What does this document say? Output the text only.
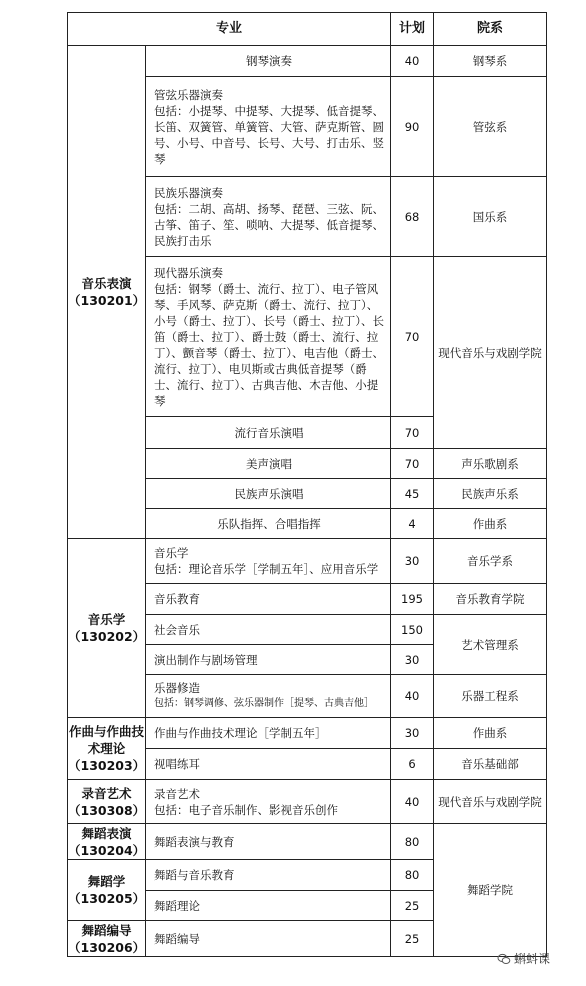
专业		计划	院系

音乐表演
（130201）	钢琴演奏	40	钢琴系

	管弦乐器演奏
包括：小提琴、中提琴、大提琴、低音提琴、长笛、双簧管、单簧管、大管、萨克斯管、圆号、小号、中音号、长号、大号、打击乐、竖琴	90	管弦系

	民族乐器演奏
包括：二胡、高胡、扬琴、琵琶、三弦、阮、古筝、笛子、笙、唢呐、大提琴、低音提琴、民族打击乐	68	国乐系

	现代器乐演奏
包括：钢琴（爵士、流行、拉丁）、电子管风琴、手风琴、萨克斯（爵士、流行、拉丁）、小号（爵士、拉丁）、长号（爵士、拉丁）、长笛（爵士、拉丁）、爵士鼓（爵士、流行、拉丁）、颤音琴（爵士、拉丁）、电吉他（爵士、流行、拉丁）、电贝斯或古典低音提琴（爵士、流行、拉丁）、古典吉他、木吉他、小提琴	70	现代音乐与戏剧学院
	流行音乐演唱	70	
	美声演唱	70	声乐歌剧系
	民族声乐演唱	45	民族声乐系
	乐队指挥、合唱指挥	4	作曲系

音乐学
（130202）	音乐学
包括：理论音乐学［学制五年］、应用音乐学	30	音乐学系
	音乐教育	195	音乐教育学院
	社会音乐	150	艺术管理系
	演出制作与剧场管理	30	

	乐器修造
包括：钢琴调修、弦乐器制作［提琴、古典吉他］	40	乐器工程系

作曲与作曲技术理论
（130203）	作曲与作曲技术理论［学制五年］	30	作曲系
	视唱练耳	6	音乐基础部

录音艺术
（130308）	录音艺术
包括：电子音乐制作、影视音乐创作	40	现代音乐与戏剧学院

舞蹈表演
（130204）	舞蹈表演与教育	80	舞蹈学院

舞蹈学
（130205）	舞蹈与音乐教育	80	
	舞蹈理论	25	

舞蹈编导
（130206）	舞蹈编导	25	
蝌蚪课
